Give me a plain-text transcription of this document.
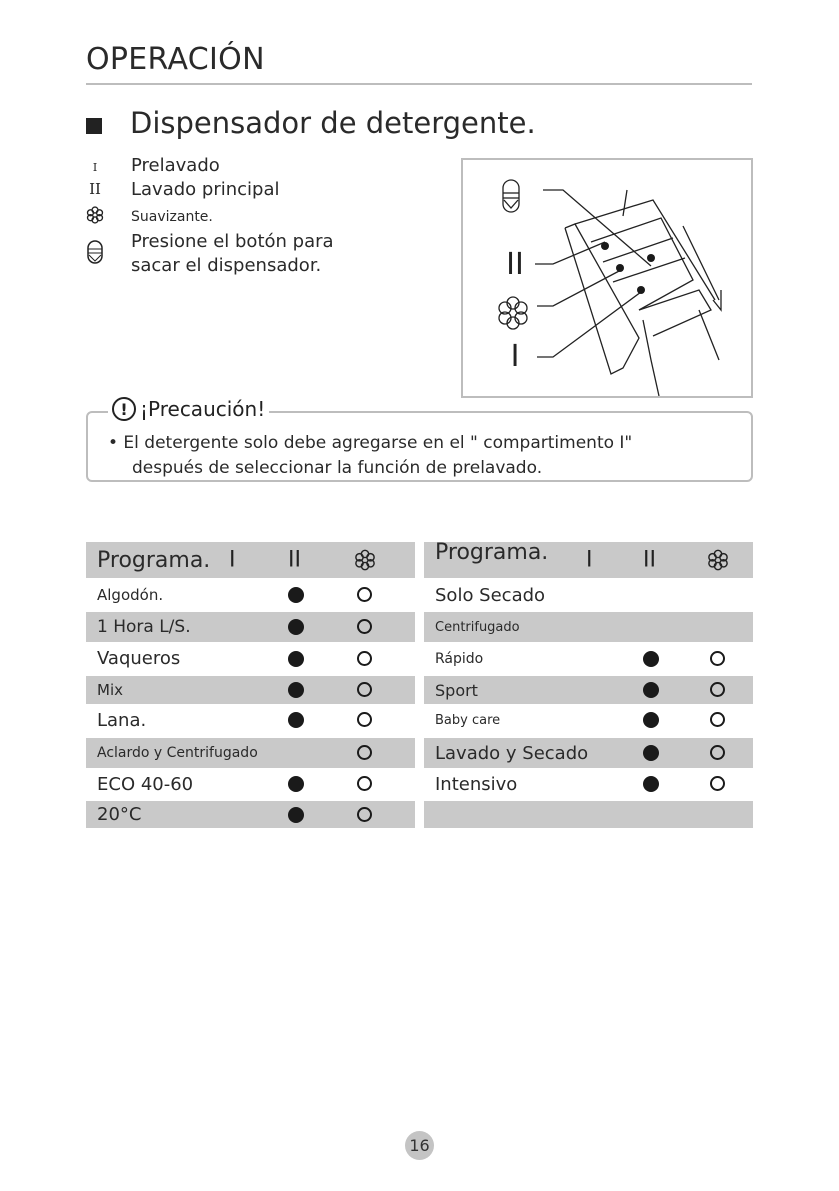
OPERACIÓN
Dispensador de detergente.
I	Prelavado
II Lavado principal
Suavizante.
Presione el botón para
sacar el dispensador.	II
I
! ¡Precaución!
• El detergente solo debe agregarse en el " compartimento I"
después de seleccionar la función de prelavado.
Programa. I II
Algodón.
1 Hora L/S.
Vaqueros
Mix
Lana.
Aclardo y Centrifugado
ECO 40-60
20°C
Programa. I II
Solo Secado
Centrifugado
Rápido
Sport
Baby care
Lavado y Secado
Intensivo
16
